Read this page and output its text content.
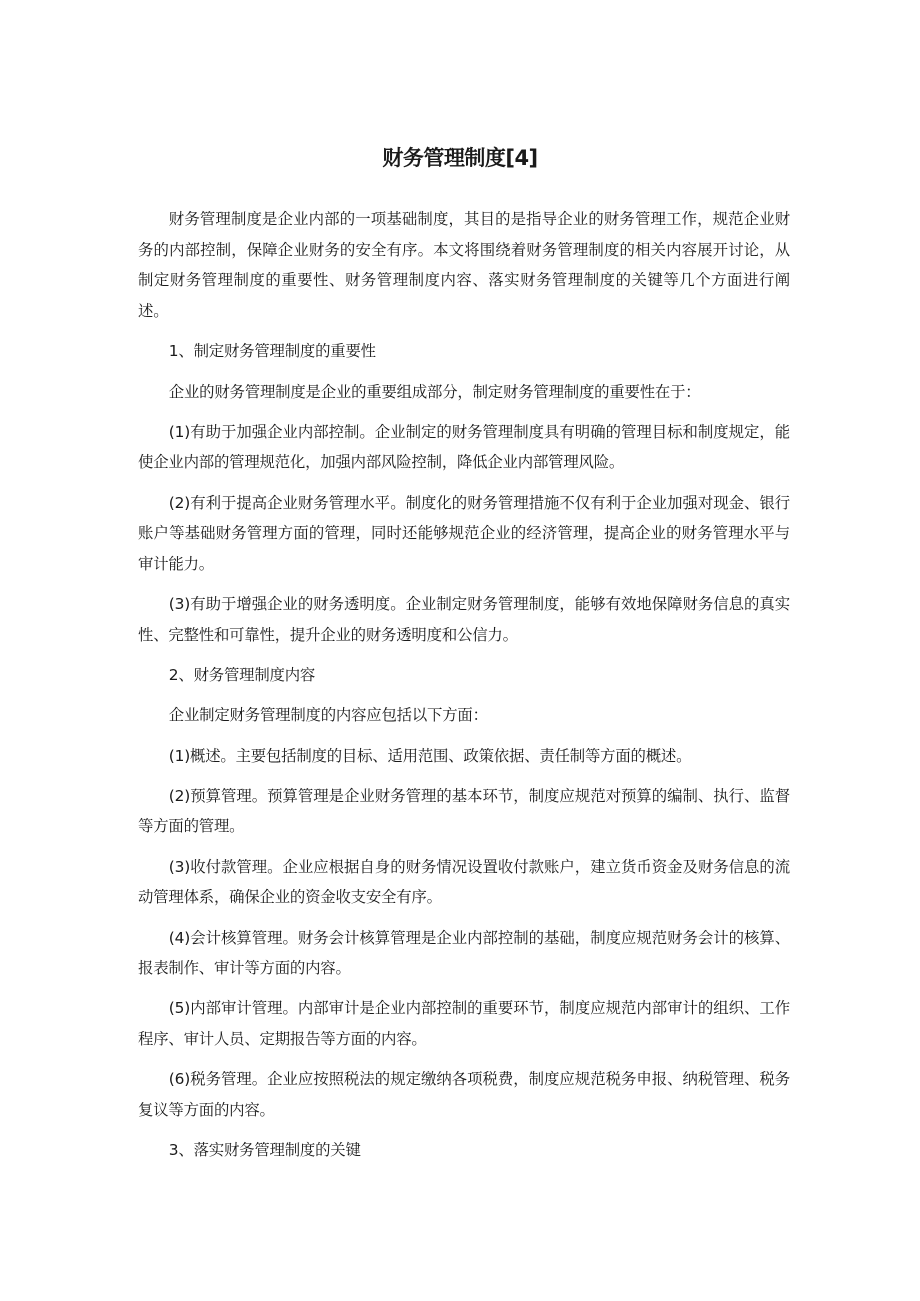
财务管理制度[4]

财务管理制度是企业内部的一项基础制度，其目的是指导企业的财务管理工作，规范企业财务的内部控制，保障企业财务的安全有序。本文将围绕着财务管理制度的相关内容展开讨论，从制定财务管理制度的重要性、财务管理制度内容、落实财务管理制度的关键等几个方面进行阐述。

1、制定财务管理制度的重要性

企业的财务管理制度是企业的重要组成部分，制定财务管理制度的重要性在于：

(1)有助于加强企业内部控制。企业制定的财务管理制度具有明确的管理目标和制度规定，能使企业内部的管理规范化，加强内部风险控制，降低企业内部管理风险。

(2)有利于提高企业财务管理水平。制度化的财务管理措施不仅有利于企业加强对现金、银行账户等基础财务管理方面的管理，同时还能够规范企业的经济管理，提高企业的财务管理水平与审计能力。

(3)有助于增强企业的财务透明度。企业制定财务管理制度，能够有效地保障财务信息的真实性、完整性和可靠性，提升企业的财务透明度和公信力。

2、财务管理制度内容

企业制定财务管理制度的内容应包括以下方面：

(1)概述。主要包括制度的目标、适用范围、政策依据、责任制等方面的概述。

(2)预算管理。预算管理是企业财务管理的基本环节，制度应规范对预算的编制、执行、监督等方面的管理。

(3)收付款管理。企业应根据自身的财务情况设置收付款账户，建立货币资金及财务信息的流动管理体系，确保企业的资金收支安全有序。

(4)会计核算管理。财务会计核算管理是企业内部控制的基础，制度应规范财务会计的核算、报表制作、审计等方面的内容。

(5)内部审计管理。内部审计是企业内部控制的重要环节，制度应规范内部审计的组织、工作程序、审计人员、定期报告等方面的内容。

(6)税务管理。企业应按照税法的规定缴纳各项税费，制度应规范税务申报、纳税管理、税务复议等方面的内容。

3、落实财务管理制度的关键
